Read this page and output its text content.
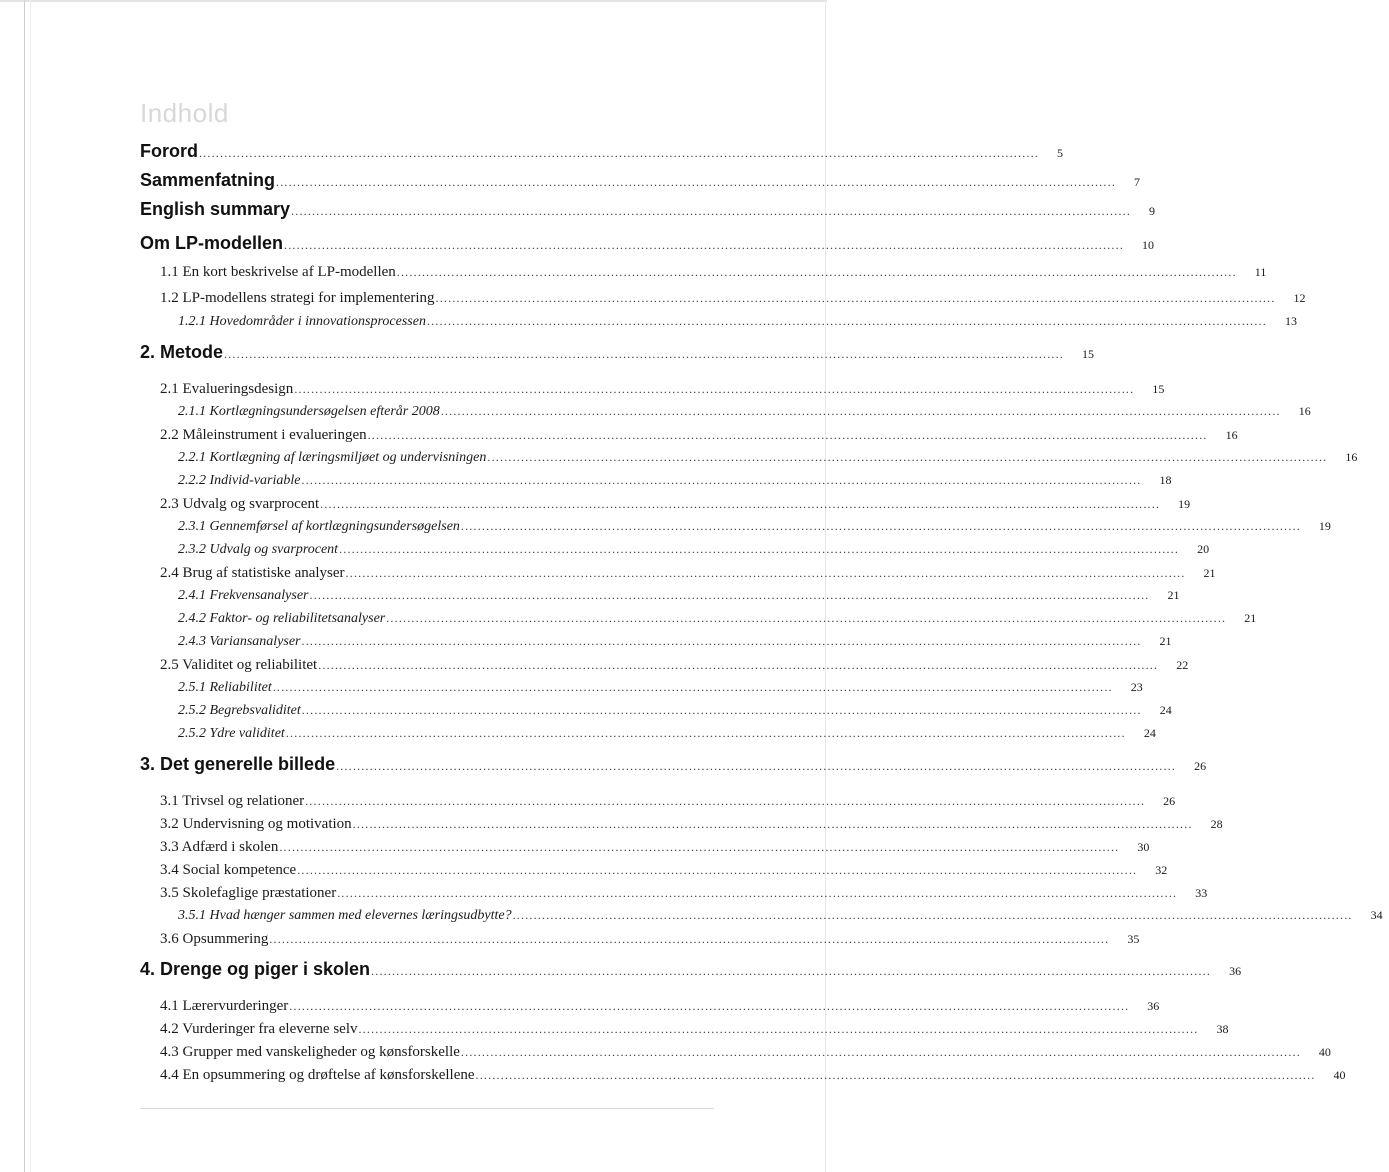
Indhold
Forord ........................................................................................................................................................................................................ 5
Sammenfatning ........................................................................................................................................................................................................ 7
English summary ........................................................................................................................................................................................................ 9
Om LP-modellen ........................................................................................................................................................................................................ 10
1.1 En kort beskrivelse af LP-modellen ........................................................................................................................................................................................................ 11
1.2 LP-modellens strategi for implementering ........................................................................................................................................................................................................ 12
1.2.1 Hovedområder i innovationsprocessen ........................................................................................................................................................................................................ 13
2. Metode ........................................................................................................................................................................................................ 15
2.1 Evalueringsdesign ........................................................................................................................................................................................................ 15
2.1.1 Kortlægningsundersøgelsen efterår 2008 ........................................................................................................................................................................................................ 16
2.2 Måleinstrument i evalueringen ........................................................................................................................................................................................................ 16
2.2.1 Kortlægning af læringsmiljøet og undervisningen ........................................................................................................................................................................................................ 16
2.2.2 Individ-variable ........................................................................................................................................................................................................ 18
2.3 Udvalg og svarprocent ........................................................................................................................................................................................................ 19
2.3.1 Gennemførsel af kortlægningsundersøgelsen ........................................................................................................................................................................................................ 19
2.3.2 Udvalg og svarprocent ........................................................................................................................................................................................................ 20
2.4 Brug af statistiske analyser ........................................................................................................................................................................................................ 21
2.4.1 Frekvensanalyser ........................................................................................................................................................................................................ 21
2.4.2 Faktor- og reliabilitetsanalyser ........................................................................................................................................................................................................ 21
2.4.3 Variansanalyser ........................................................................................................................................................................................................ 21
2.5 Validitet og reliabilitet ........................................................................................................................................................................................................ 22
2.5.1 Reliabilitet ........................................................................................................................................................................................................ 23
2.5.2 Begrebsvaliditet ........................................................................................................................................................................................................ 24
2.5.2 Ydre validitet ........................................................................................................................................................................................................ 24
3. Det generelle billede ........................................................................................................................................................................................................ 26
3.1 Trivsel og relationer ........................................................................................................................................................................................................ 26
3.2 Undervisning og motivation ........................................................................................................................................................................................................ 28
3.3 Adfærd i skolen ........................................................................................................................................................................................................ 30
3.4 Social kompetence ........................................................................................................................................................................................................ 32
3.5 Skolefaglige præstationer ........................................................................................................................................................................................................ 33
3.5.1 Hvad hænger sammen med elevernes læringsudbytte? ........................................................................................................................................................................................................ 34
3.6 Opsummering ........................................................................................................................................................................................................ 35
4. Drenge og piger i skolen ........................................................................................................................................................................................................ 36
4.1 Lærervurderinger ........................................................................................................................................................................................................ 36
4.2 Vurderinger fra eleverne selv ........................................................................................................................................................................................................ 38
4.3 Grupper med vanskeligheder og kønsforskelle ........................................................................................................................................................................................................ 40
4.4 En opsummering og drøftelse af kønsforskellene ........................................................................................................................................................................................................ 40
